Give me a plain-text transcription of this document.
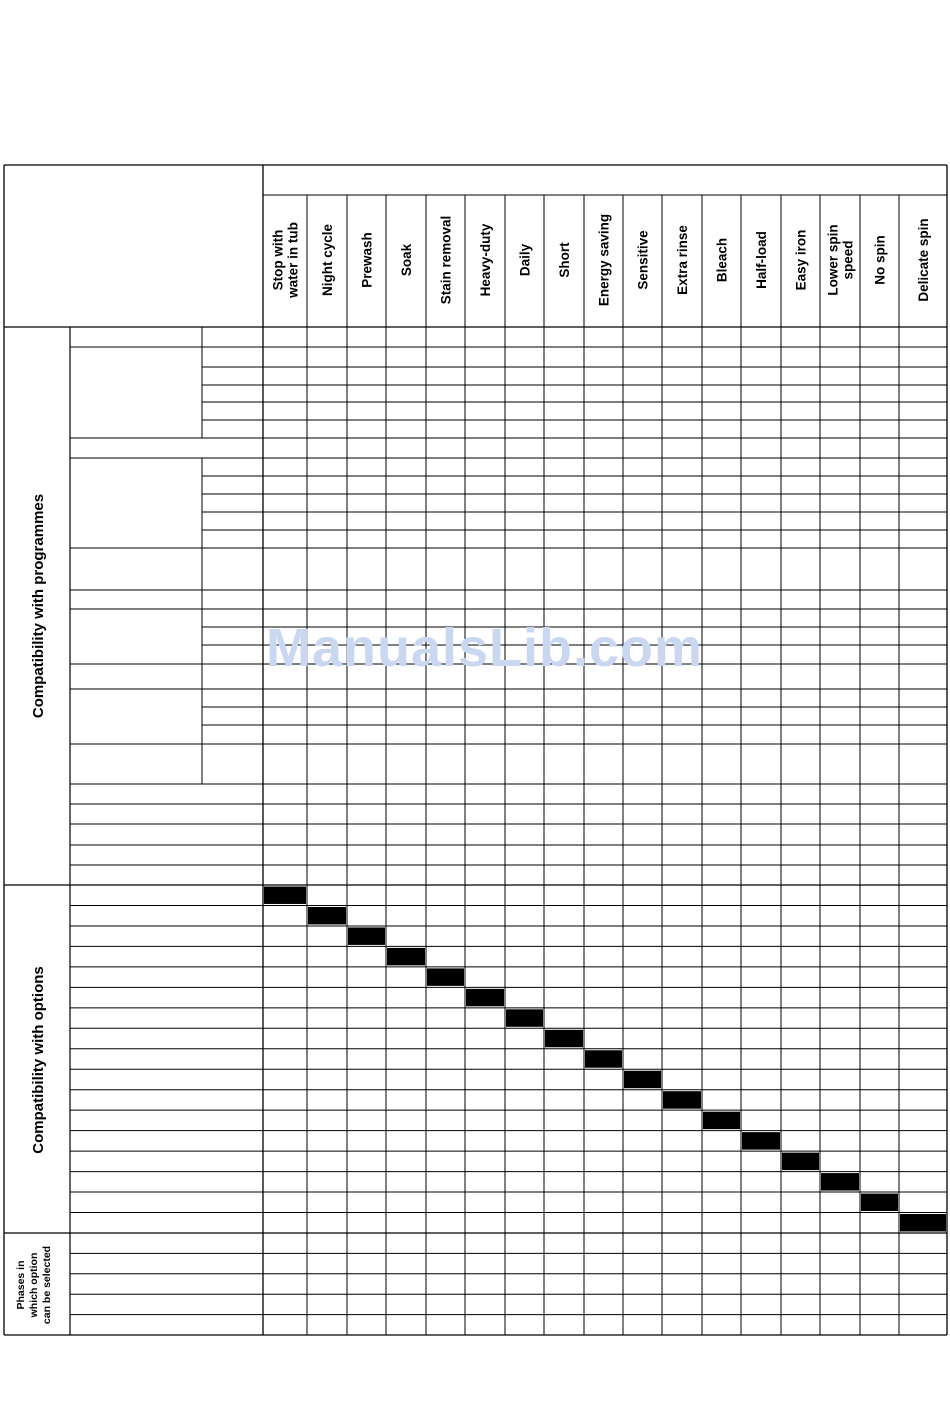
Stop with water in tub Night cycle Prewash Soak Stain removal Heavy-duty Daily Short Energy saving Sensitive Extra rinse Bleach Half-load Easy iron Lower spin speed No spin Delicate spin
Compatibility with programmes
Compatibility with options
Phases in which option can be selected
ManualsLib.com
